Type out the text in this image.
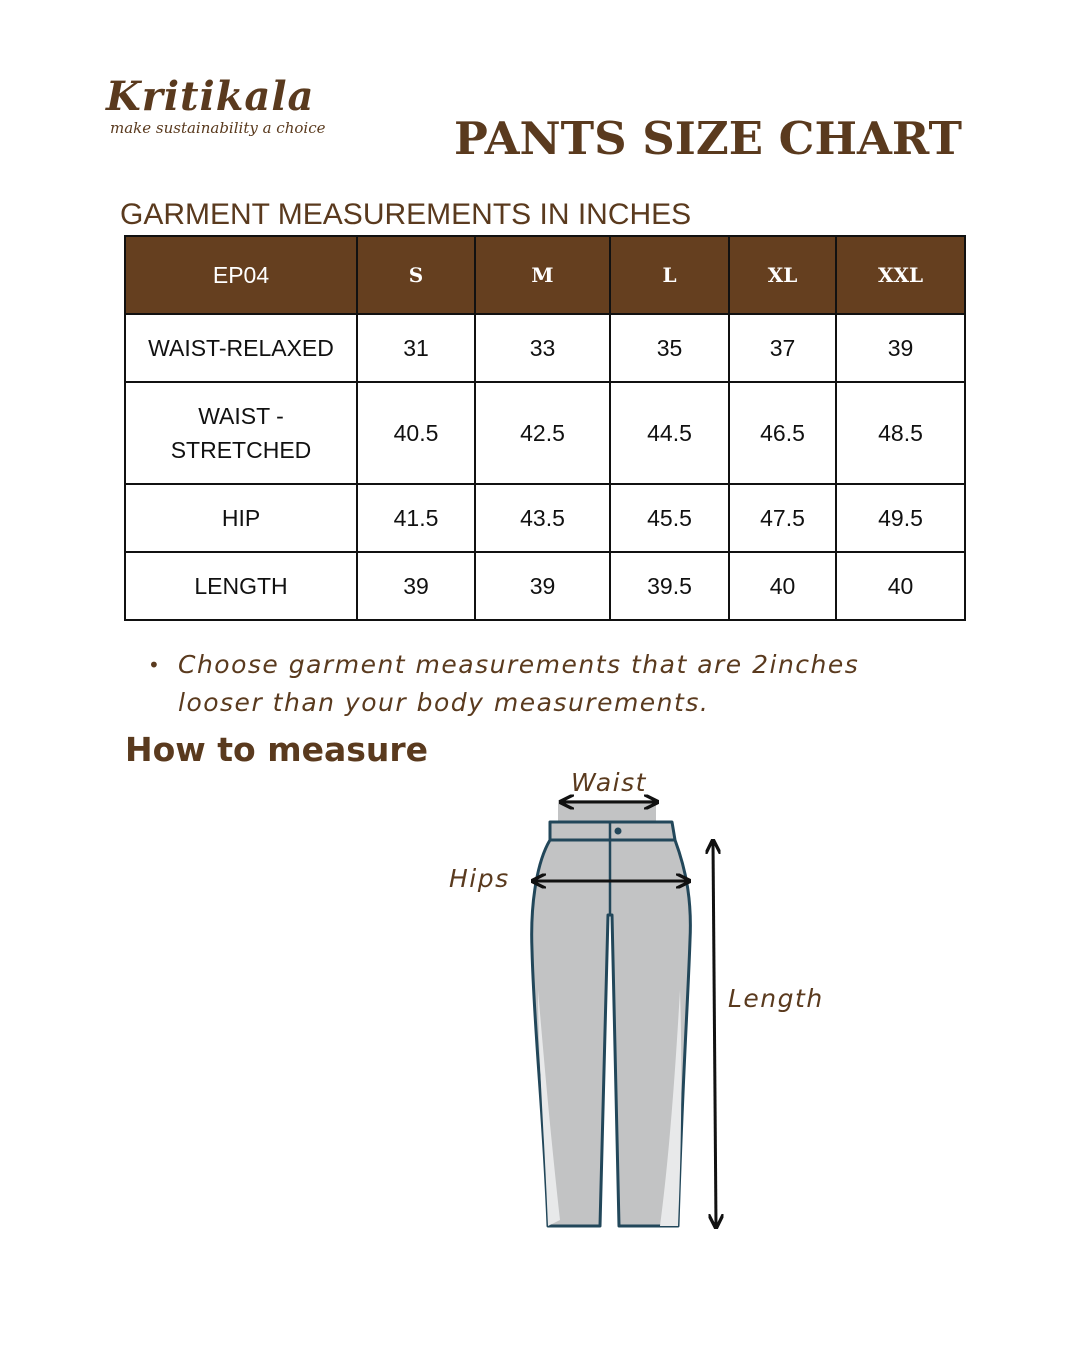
Kritikala
make sustainability a choice	PANTS SIZE CHART
GARMENT MEASUREMENTS IN INCHES
EP04	S	M	L	XL	XXL
WAIST-RELAXED	31	33	35	37	39
WAIST -
STRETCHED	40.5	42.5	44.5	46.5	48.5
HIP	41.5	43.5	45.5	47.5	49.5
LENGTH	39	39	39.5	40	40
• Choose garment measurements that are 2inches looser than your body measurements.
How to measure
Waist
Hips
Length
